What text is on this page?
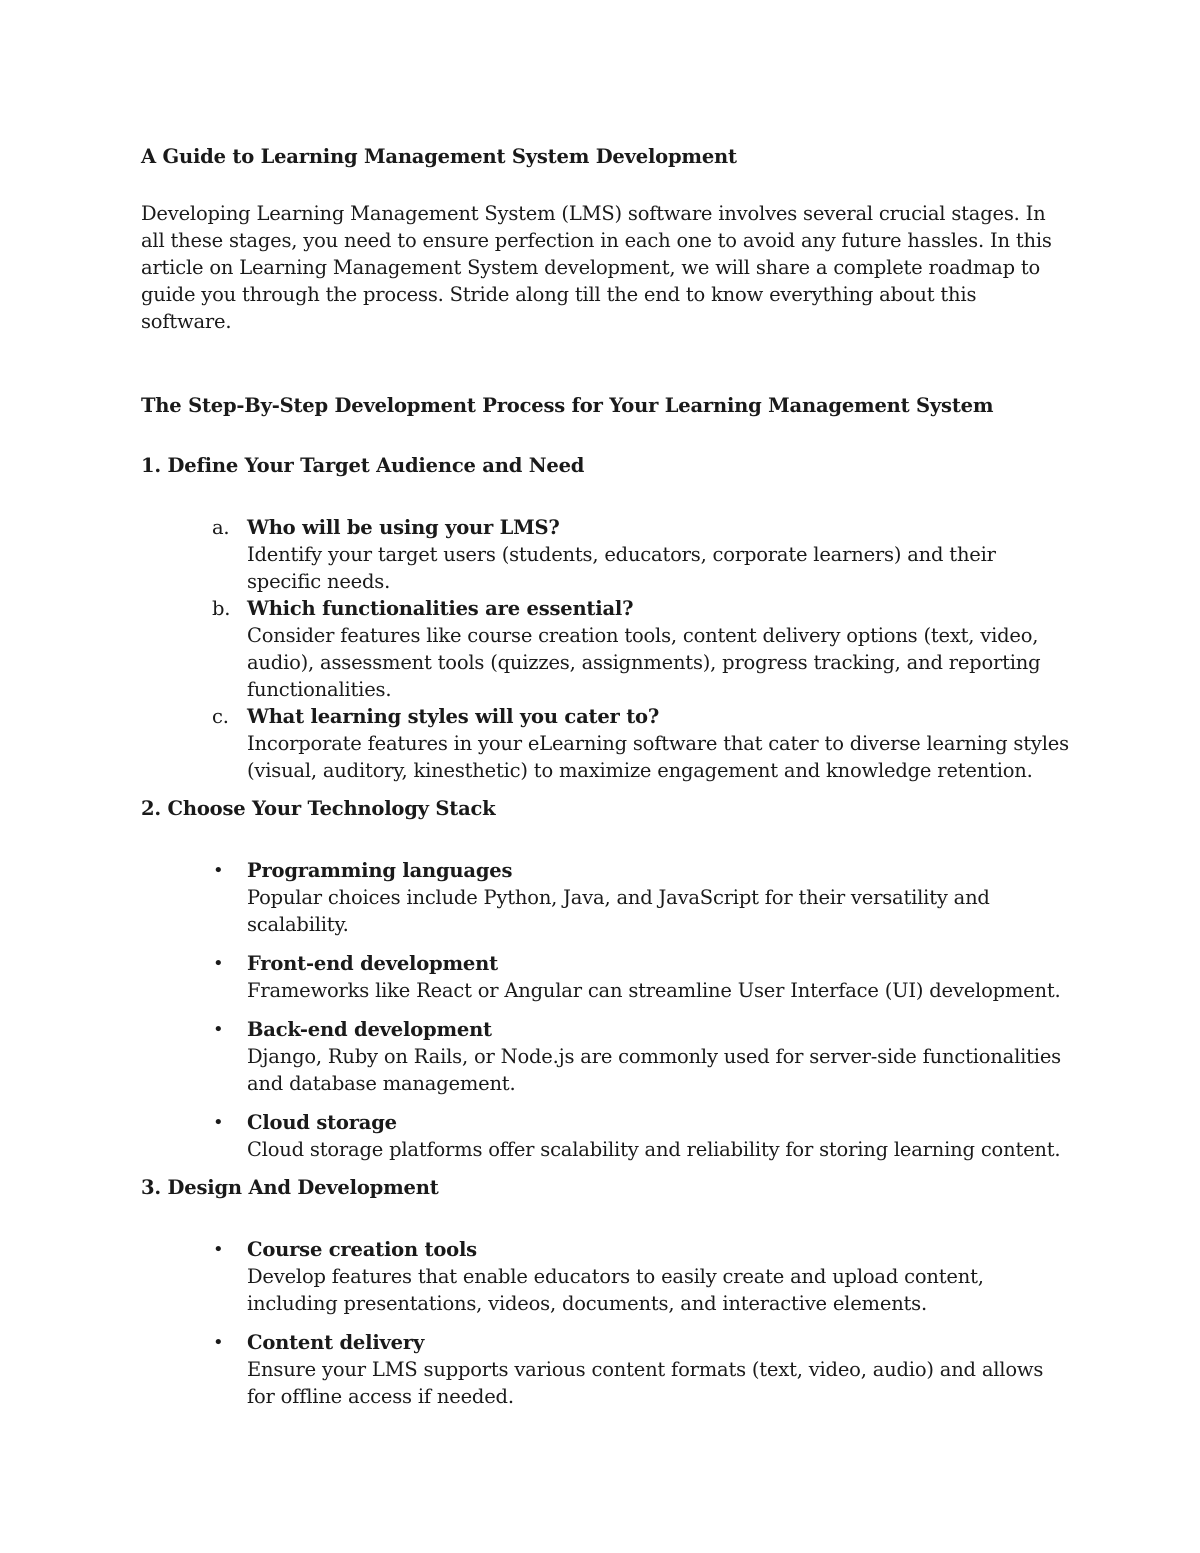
A Guide to Learning Management System Development

Developing Learning Management System (LMS) software involves several crucial stages. In all these stages, you need to ensure perfection in each one to avoid any future hassles. In this article on Learning Management System development, we will share a complete roadmap to guide you through the process. Stride along till the end to know everything about this software.

The Step-By-Step Development Process for Your Learning Management System

1. Define Your Target Audience and Need

a. Who will be using your LMS?
Identify your target users (students, educators, corporate learners) and their specific needs.
b. Which functionalities are essential?
Consider features like course creation tools, content delivery options (text, video, audio), assessment tools (quizzes, assignments), progress tracking, and reporting functionalities.
c. What learning styles will you cater to?
Incorporate features in your eLearning software that cater to diverse learning styles (visual, auditory, kinesthetic) to maximize engagement and knowledge retention.

2. Choose Your Technology Stack

• Programming languages
Popular choices include Python, Java, and JavaScript for their versatility and scalability.
• Front-end development
Frameworks like React or Angular can streamline User Interface (UI) development.
• Back-end development
Django, Ruby on Rails, or Node.js are commonly used for server-side functionalities and database management.
• Cloud storage
Cloud storage platforms offer scalability and reliability for storing learning content.

3. Design And Development

• Course creation tools
Develop features that enable educators to easily create and upload content, including presentations, videos, documents, and interactive elements.
• Content delivery
Ensure your LMS supports various content formats (text, video, audio) and allows for offline access if needed.
